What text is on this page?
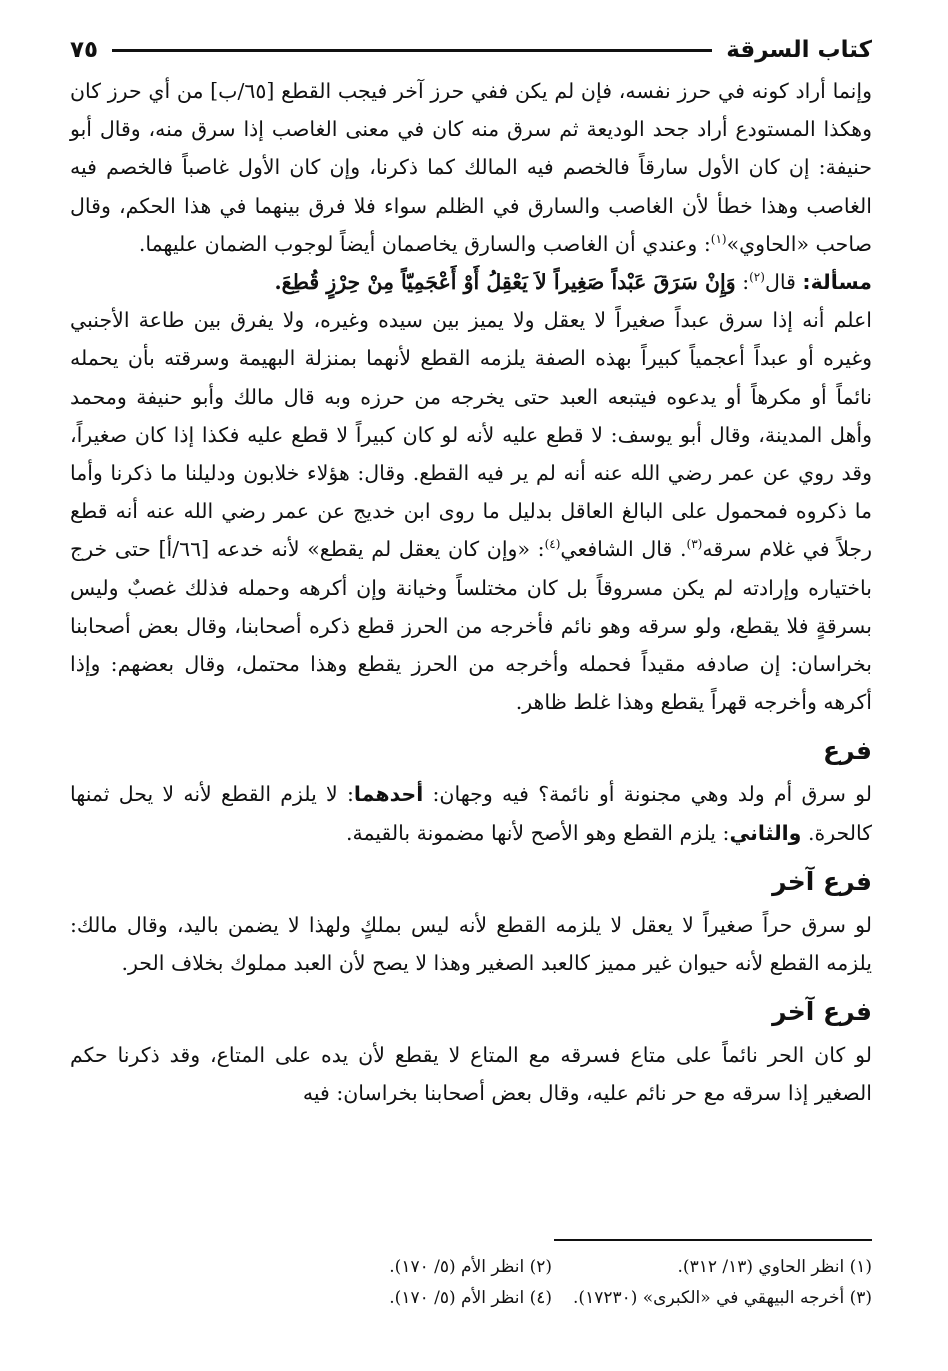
كتاب السرقة
٧٥

وإنما أراد كونه في حرز نفسه، فإن لم يكن ففي حرز آخر فيجب القطع [٦٥/ب] من أي حرز كان وهكذا المستودع أراد جحد الوديعة ثم سرق منه كان في معنى الغاصب إذا سرق منه، وقال أبو حنيفة: إن كان الأول سارقاً فالخصم فيه المالك كما ذكرنا، وإن كان الأول غاصباً فالخصم فيه الغاصب وهذا خطأ لأن الغاصب والسارق في الظلم سواء فلا فرق بينهما في هذا الحكم، وقال صاحب «الحاوي»$^{(١)}$: وعندي أن الغاصب والسارق يخاصمان أيضاً لوجوب الضمان عليهما.

مسألة: قال$^{(٢)}$: وَإِنْ سَرَقَ عَبْداً صَغِيراً لاَ يَعْقِلُ أَوْ أَعْجَمِيّاً مِنْ حِرْزٍ قُطِعَ.

اعلم أنه إذا سرق عبداً صغيراً لا يعقل ولا يميز بين سيده وغيره، ولا يفرق بين طاعة الأجنبي وغيره أو عبداً أعجمياً كبيراً بهذه الصفة يلزمه القطع لأنهما بمنزلة البهيمة وسرقته بأن يحمله نائماً أو مكرهاً أو يدعوه فيتبعه العبد حتى يخرجه من حرزه وبه قال مالك وأبو حنيفة ومحمد وأهل المدينة، وقال أبو يوسف: لا قطع عليه لأنه لو كان كبيراً لا قطع عليه فكذا إذا كان صغيراً، وقد روي عن عمر رضي الله عنه أنه لم ير فيه القطع. وقال: هؤلاء خلابون ودليلنا ما ذكرنا وأما ما ذكروه فمحمول على البالغ العاقل بدليل ما روى ابن خديج عن عمر رضي الله عنه أنه قطع رجلاً في غلام سرقه$^{(٣)}$. قال الشافعي$^{(٤)}$: «وإن كان يعقل لم يقطع» لأنه خدعه [٦٦/أ] حتى خرج باختياره وإرادته لم يكن مسروقاً بل كان مختلساً وخيانة وإن أكرهه وحمله فذلك غصبٌ وليس بسرقةٍ فلا يقطع، ولو سرقه وهو نائم فأخرجه من الحرز قطع ذكره أصحابنا، وقال بعض أصحابنا بخراسان: إن صادفه مقيداً فحمله وأخرجه من الحرز يقطع وهذا محتمل، وقال بعضهم: وإذا أكرهه وأخرجه قهراً يقطع وهذا غلط ظاهر.

فرع

لو سرق أم ولد وهي مجنونة أو نائمة؟ فيه وجهان: أحدهما: لا يلزم القطع لأنه لا يحل ثمنها كالحرة. والثاني: يلزم القطع وهو الأصح لأنها مضمونة بالقيمة.

فرع آخر

لو سرق حراً صغيراً لا يعقل لا يلزمه القطع لأنه ليس بملكٍ ولهذا لا يضمن باليد، وقال مالك: يلزمه القطع لأنه حيوان غير مميز كالعبد الصغير وهذا لا يصح لأن العبد مملوك بخلاف الحر.

فرع آخر

لو كان الحر نائماً على متاع فسرقه مع المتاع لا يقطع لأن يده على المتاع، وقد ذكرنا حكم الصغير إذا سرقه مع حر نائم عليه، وقال بعض أصحابنا بخراسان: فيه

(١) انظر الحاوي (١٣/ ٣١٢).
(٢) انظر الأم (٥/ ١٧٠).
(٣) أخرجه البيهقي في «الكبرى» (١٧٢٣٠).
(٤) انظر الأم (٥/ ١٧٠).
